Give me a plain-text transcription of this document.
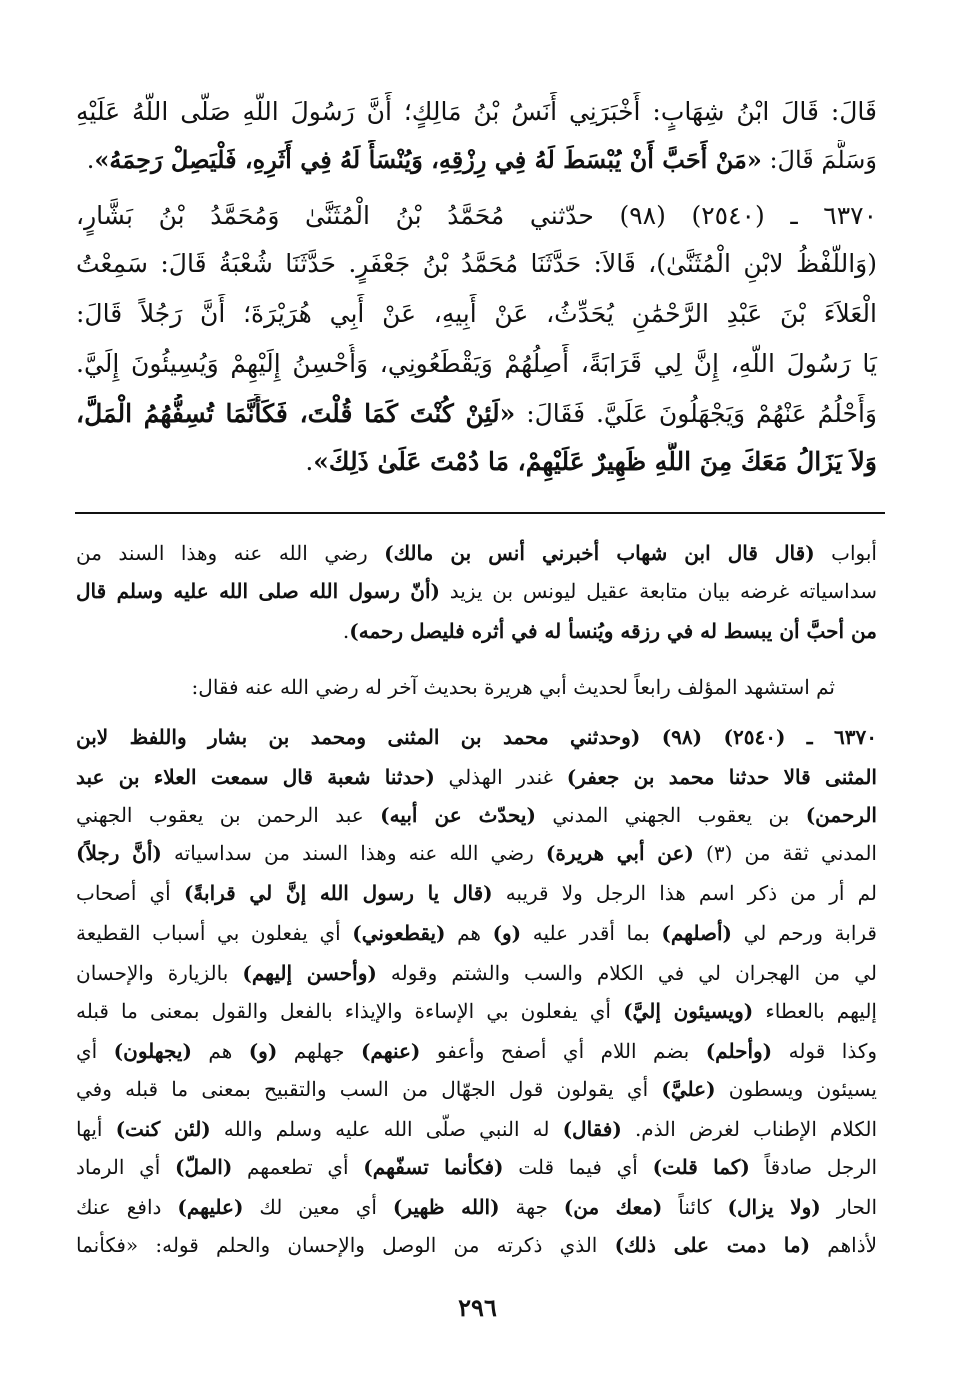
قَالَ: قَالَ ابْنُ شِهَابٍ: أَخْبَرَنِي أَنَسُ بْنُ مَالِكٍ؛ أَنَّ رَسُولَ اللَّهِ صَلَّى اللَّهُ عَلَيْهِ
وَسَلَّمَ قَالَ: «مَنْ أَحَبَّ أَنْ يُبْسَطَ لَهُ فِي رِزْقِهِ، وَيُنْسَأَ لَهُ فِي أَثَرِهِ، فَلْيَصِلْ رَحِمَهُ».
٦٣٧٠ ـ (٢٥٤٠) (٩٨) حدّثني مُحَمَّدُ بْنُ الْمُثَنَّىٰ وَمُحَمَّدُ بْنُ بَشَّارٍ،
(وَاللَّفْظُ لابْنِ الْمُثَنَّىٰ)، قَالاَ: حَدَّثَنَا مُحَمَّدُ بْنُ جَعْفَرٍ. حَدَّثَنَا شُعْبَةُ قَالَ: سَمِعْتُ
الْعَلاَءَ بْنَ عَبْدِ الرَّحْمَٰنِ يُحَدِّثُ، عَنْ أَبِيهِ، عَنْ أَبِي هُرَيْرَةَ؛ أَنَّ رَجُلاً قَالَ:
يَا رَسُولَ اللَّهِ، إِنَّ لِي قَرَابَةً، أَصِلُهُمْ وَيَقْطَعُونِي، وَأُحْسِنُ إِلَيْهِمْ وَيُسِيئُونَ إِلَيَّ.
وَأَحْلُمُ عَنْهُمْ وَيَجْهَلُونَ عَلَيَّ. فَقَالَ: «لَئِنْ كُنْتَ كَمَا قُلْتَ، فَكَأَنَّمَا تُسِفُّهُمُ الْمَلَّ،
وَلاَ يَزَالُ مَعَكَ مِنَ اللَّهِ ظَهِيرٌ عَلَيْهِمْ، مَا دُمْتَ عَلَىٰ ذَلِكَ».
أبواب (قال قال ابن شهاب أخبرني أنس بن مالك) رضي الله عنه وهذا السند من
سداسياته غرضه بيان متابعة عقيل ليونس بن يزيد (أنّ رسول الله صلى الله عليه وسلم قال
من أحبَّ أن يبسط له في رزقه ويُنسأ له في أثره فليصل رحمه).
ثم استشهد المؤلف رابعاً لحديث أبي هريرة بحديث آخر له رضي الله عنه فقال:
٦٣٧٠ ـ (٢٥٤٠) (٩٨) (وحدثني محمد بن المثنى ومحمد بن بشار واللفظ لابن
المثنى قالا حدثنا محمد بن جعفر) غندر الهذلي (حدثنا شعبة قال سمعت العلاء بن عبد
الرحمن) بن يعقوب الجهني المدني (يحدّث عن أبيه) عبد الرحمن بن يعقوب الجهني
المدني ثقة من (٣) (عن أبي هريرة) رضي الله عنه وهذا السند من سداسياته (أنَّ رجلاً)
لم أر من ذكر اسم هذا الرجل ولا قريبه (قال يا رسول الله إنَّ لي قرابةً) أي أصحاب
قرابة ورحم لي (أصلهم) بما أقدر عليه (و) هم (يقطعوني) أي يفعلون بي أسباب القطيعة
لي من الهجران لي في الكلام والسب والشتم وقوله (وأحسن إليهم) بالزيارة والإحسان
إليهم بالعطاء (ويسيئون إليَّ) أي يفعلون بي الإساءة والإيذاء بالفعل والقول بمعنى ما قبله
وكذا قوله (وأحلم) بضم اللام أي أصفح وأعفو (عنهم) جهلهم (و) هم (يجهلون) أي
يسيئون ويسطون (عليَّ) أي يقولون قول الجهّال من السب والتقبيح بمعنى ما قبله وفي
الكلام الإطناب لغرض الذم. (فقال) له النبي صلّى الله عليه وسلم والله (لئن كنت) أيها
الرجل صادقاً (كما قلت) أي فيما قلت (فكأنما تسفّهم) أي تطعمهم (الملّ) أي الرماد
الحار (ولا يزال) كائناً (معك من) جهة (الله ظهير) أي معين لك (عليهم) دافع عنك
لأذاهم (ما دمت على ذلك) الذي ذكرته من الوصل والإحسان والحلم قوله: «فكأنما
٢٩٦
